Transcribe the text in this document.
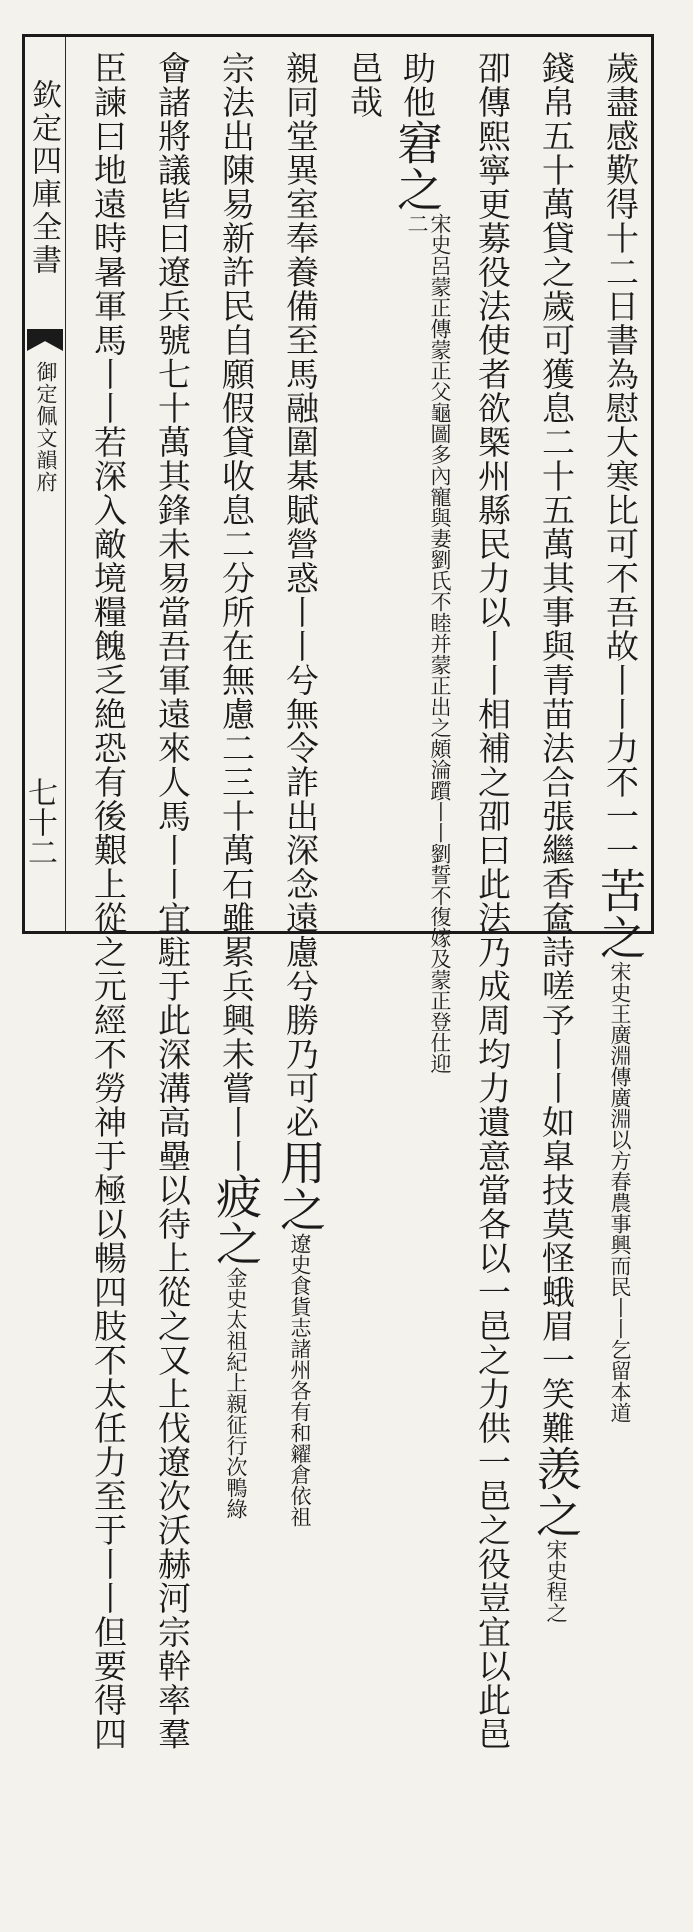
欽定四庫全書
御定佩文韻府
七十二	歲盡感歎得十二日書為慰大寒比可不吾故丨丨力不一一苦之宋史王廣淵傳廣淵以方春農事興而民丨丨乞留本道
錢帛五十萬貸之歲可獲息二十五萬其事與青苗法合張繼香奩詩嗟予丨丨如皐技莫怪蛾眉一笑難羡之宋史程之
卲傳熙寧更募役法使者欲槩州縣民力以丨丨相補之卲曰此法乃成周均力遺意當各以一邑之力供一邑之役豈宜以此邑
助他窘之宋史呂蒙正傳蒙正父龜圖多內寵與妻劉氏不睦并蒙正出之頗淪躓丨丨劉誓不復嫁及蒙正登仕迎二
邑哉
親同堂異室奉養備至馬融圍棊賦營惑丨丨兮無令詐出深念遠慮兮勝乃可必用之遼史食貨志諸州各有和糴倉依祖
宗法出陳易新許民自願假貸收息二分所在無慮二三十萬石雖累兵興未嘗丨丨疲之金史太祖紀上親征行次鴨綠
會諸將議皆曰遼兵號七十萬其鋒未易當吾軍遠來人馬丨丨宜駐于此深溝高壘以待上從之又上伐遼次沃赫河宗幹率羣
臣諫曰地遠時暑軍馬丨丨若深入敵境糧餽乏絶恐有後艱上從之元經不勞神于極以暢四肢不太任力至于丨丨但要得四
